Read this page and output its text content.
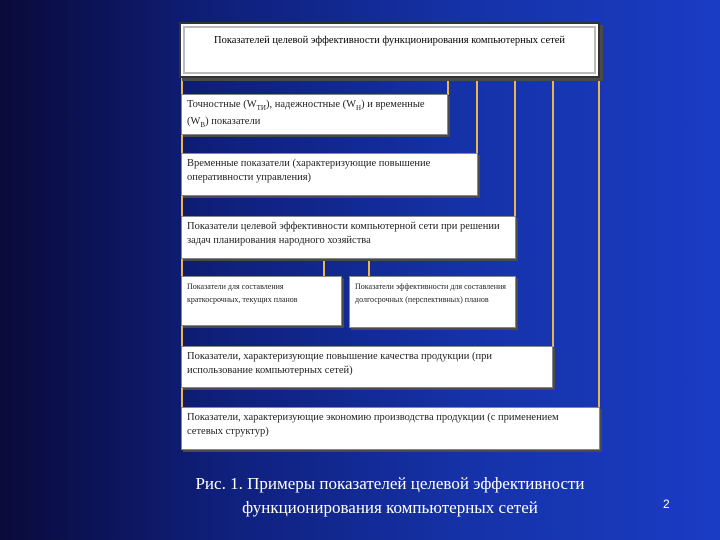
Показателей целевой эффективности функционирования компьютерных сетей
Точностные $(W_{ТИ})$, надежностные $(W_Н)$ и временные $(W_В)$ показатели
Временные показатели (характеризующие повышение оперативности управления)
Показатели целевой эффективности компьютерной сети при решении задач планирования народного хозяйства
Показатели для составления краткосрочных, текущих планов
Показатели эффективности для составления долгосрочных (перспективных) планов
Показатели, характеризующие повышение качества продукции (при использование компьютерных сетей)
Показатели, характеризующие экономию производства продукции (с применением сетевых структур)
Рис. 1. Примеры показателей целевой эффективности функционирования компьютерных сетей	2
